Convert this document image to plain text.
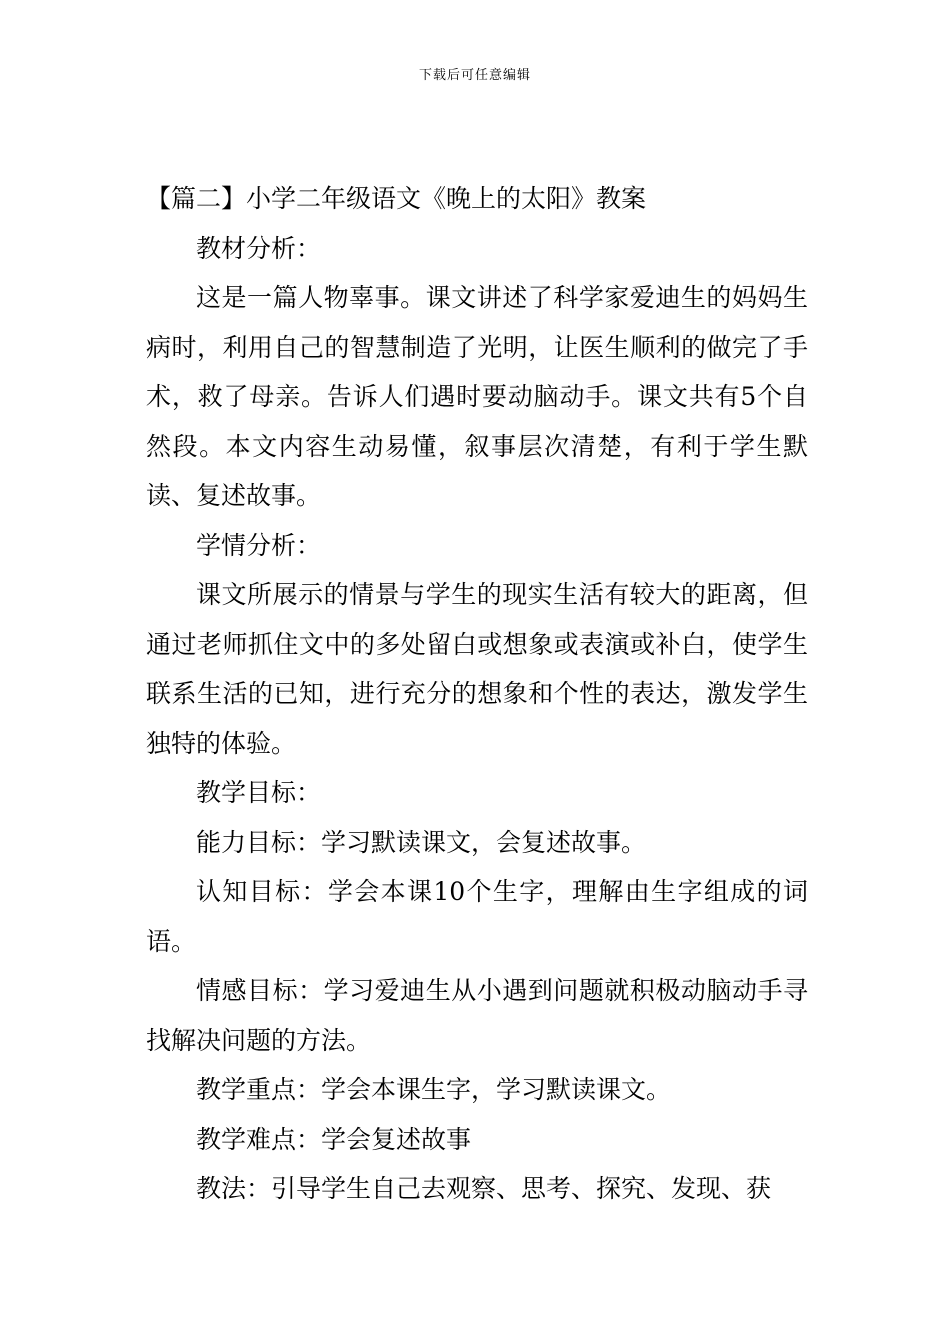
下载后可任意编辑

【篇二】小学二年级语文《晚上的太阳》教案

教材分析：

这是一篇人物辜事。课文讲述了科学家爱迪生的妈妈生病时，利用自己的智慧制造了光明，让医生顺利的做完了手术，救了母亲。告诉人们遇时要动脑动手。课文共有5个自然段。本文内容生动易懂，叙事层次清楚，有利于学生默读、复述故事。

学情分析：

课文所展示的情景与学生的现实生活有较大的距离，但通过老师抓住文中的多处留白或想象或表演或补白，使学生联系生活的已知，进行充分的想象和个性的表达，激发学生独特的体验。

教学目标：

能力目标：学习默读课文，会复述故事。

认知目标：学会本课10个生字，理解由生字组成的词语。

情感目标：学习爱迪生从小遇到问题就积极动脑动手寻找解决问题的方法。

教学重点：学会本课生字，学习默读课文。

教学难点：学会复述故事

教法：引导学生自己去观察、思考、探究、发现、获
